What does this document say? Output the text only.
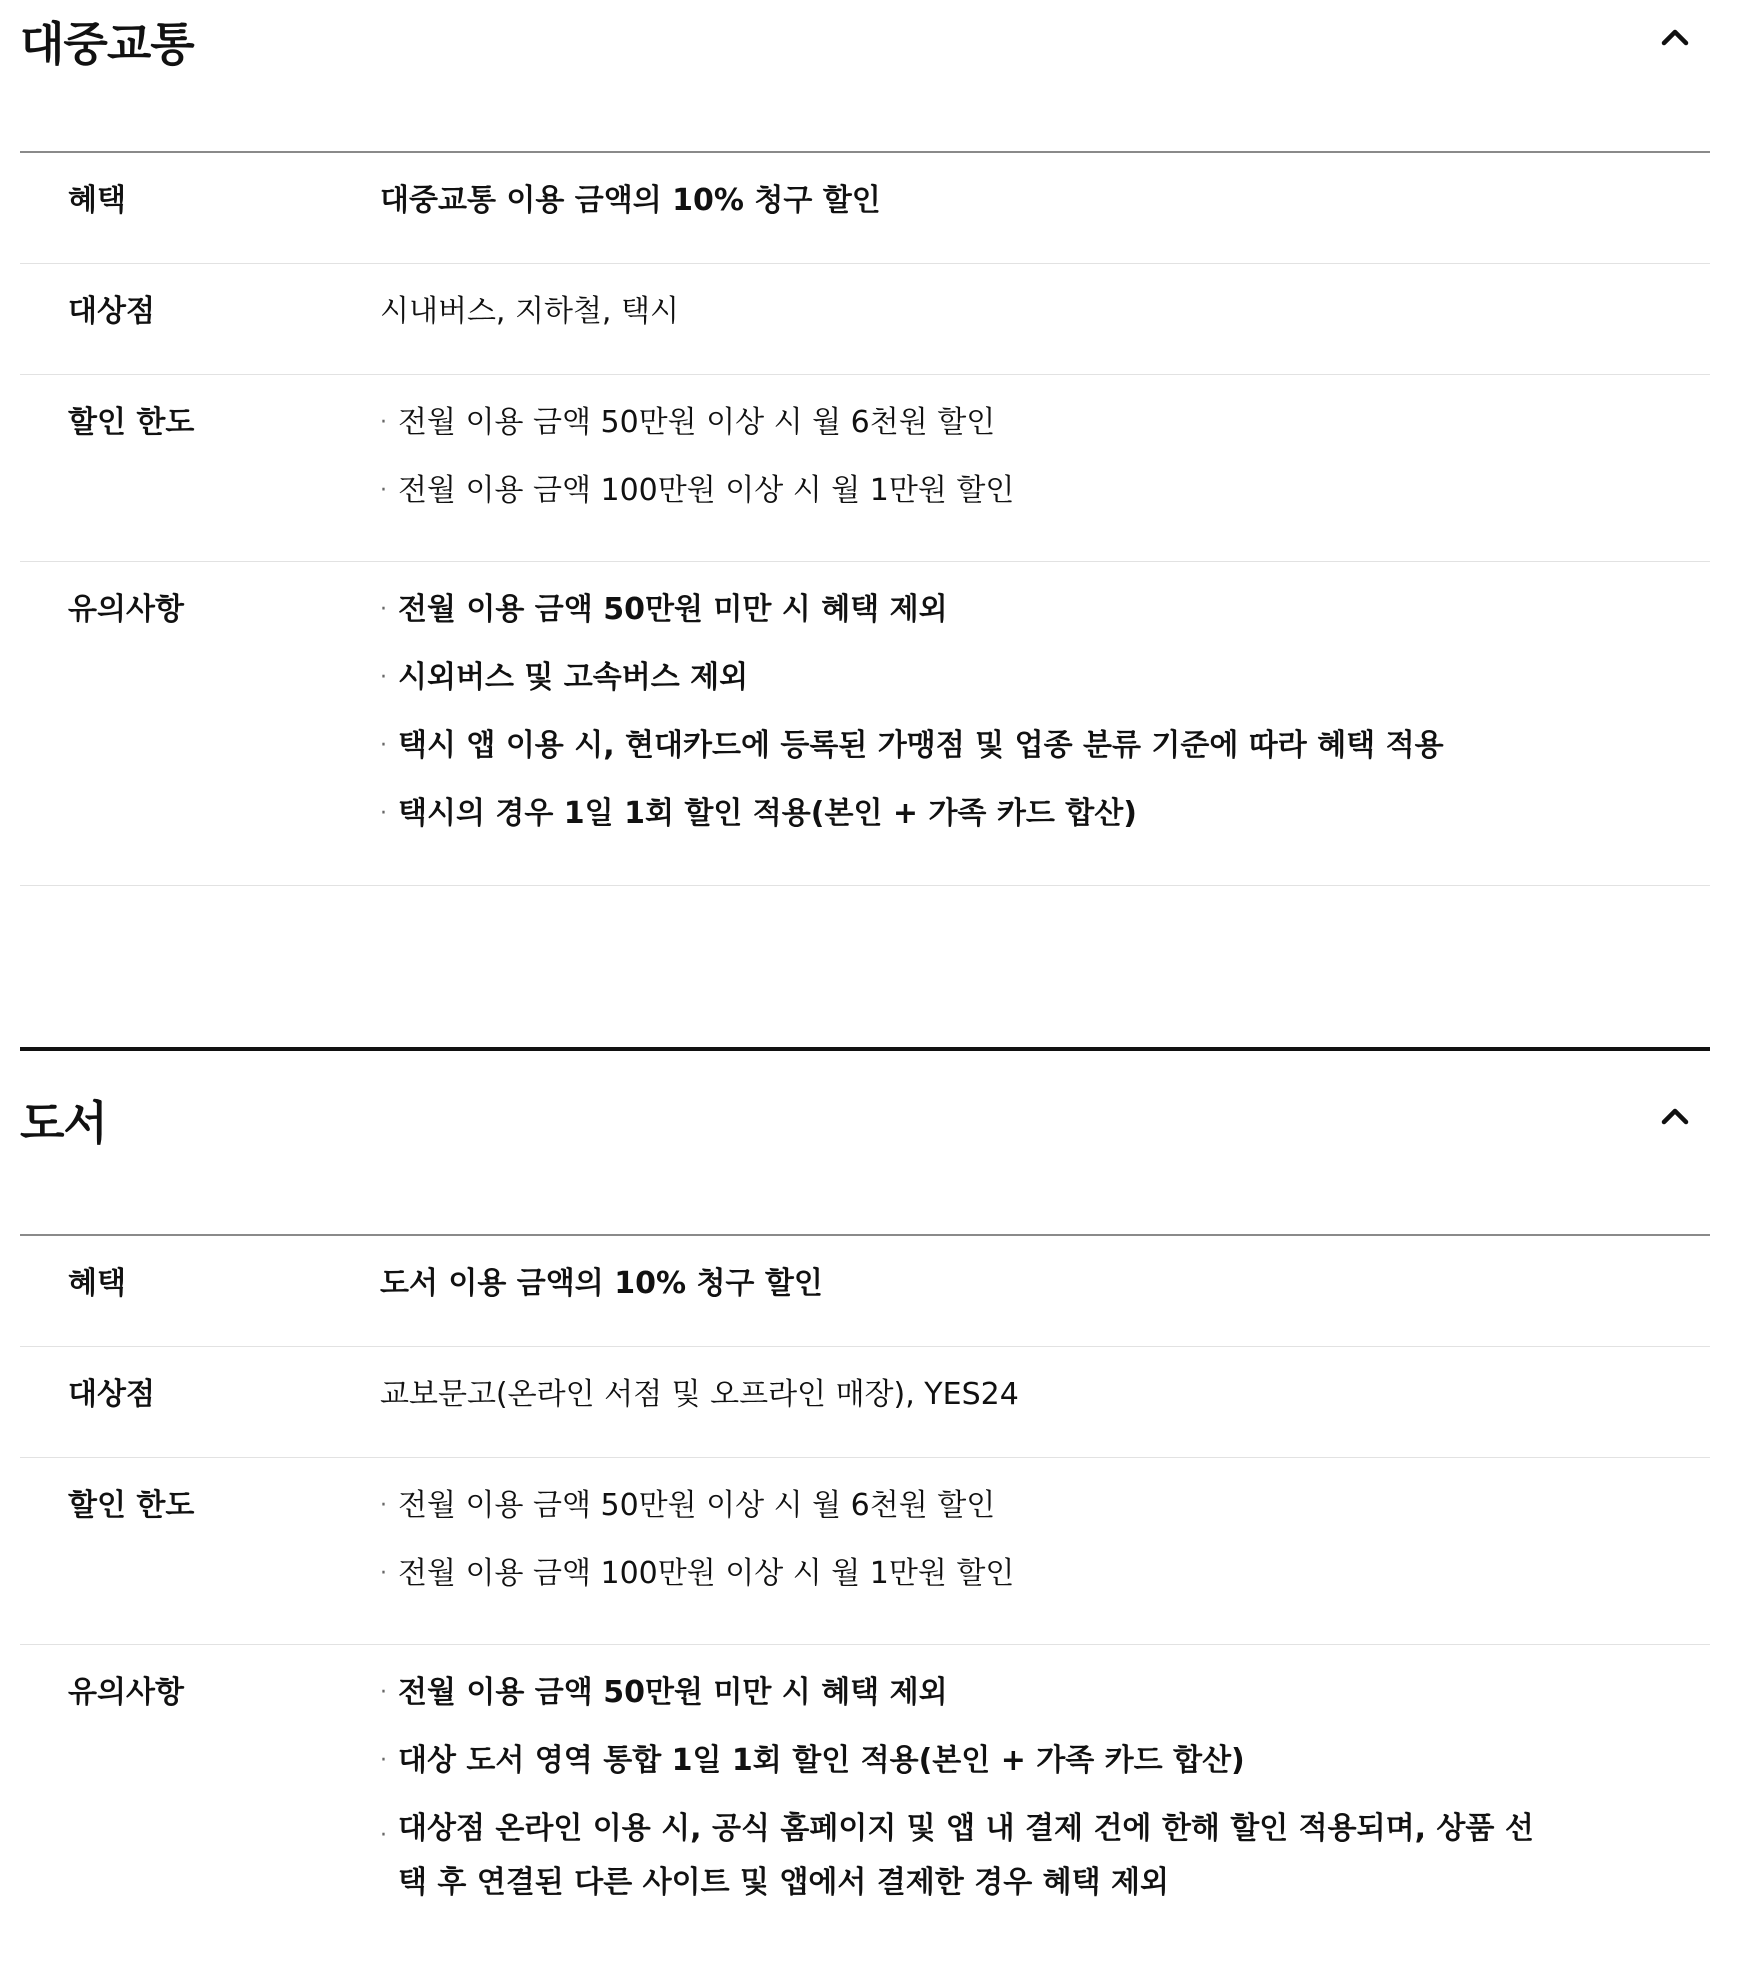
대중교통
혜택	대중교통 이용 금액의 10% 청구 할인
대상점	시내버스, 지하철, 택시
할인 한도	· 전월 이용 금액 50만원 이상 시 월 6천원 할인
· 전월 이용 금액 100만원 이상 시 월 1만원 할인
유의사항	· 전월 이용 금액 50만원 미만 시 혜택 제외
· 시외버스 및 고속버스 제외
· 택시 앱 이용 시, 현대카드에 등록된 가맹점 및 업종 분류 기준에 따라 혜택 적용
· 택시의 경우 1일 1회 할인 적용(본인 + 가족 카드 합산)
도서
혜택	도서 이용 금액의 10% 청구 할인
대상점	교보문고(온라인 서점 및 오프라인 매장), YES24
할인 한도	· 전월 이용 금액 50만원 이상 시 월 6천원 할인
· 전월 이용 금액 100만원 이상 시 월 1만원 할인
유의사항	· 전월 이용 금액 50만원 미만 시 혜택 제외
· 대상 도서 영역 통합 1일 1회 할인 적용(본인 + 가족 카드 합산)
· 대상점 온라인 이용 시, 공식 홈페이지 및 앱 내 결제 건에 한해 할인 적용되며, 상품 선택 후 연결된 다른 사이트 및 앱에서 결제한 경우 혜택 제외
